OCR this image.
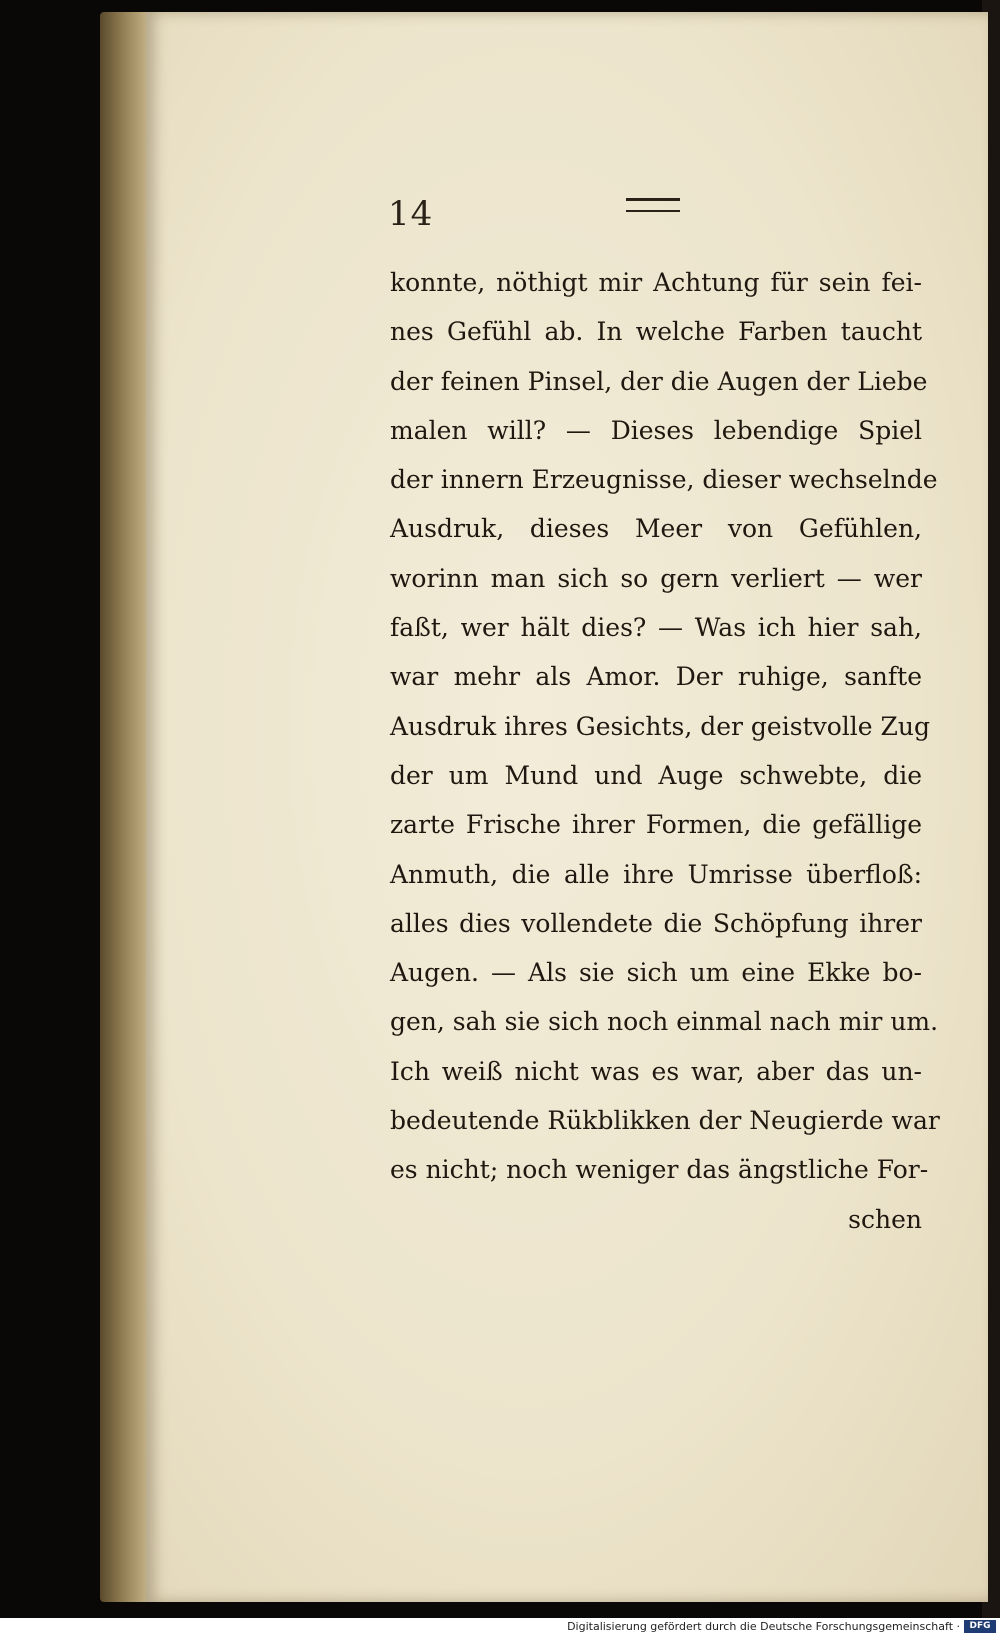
14
konnte, nöthigt mir Achtung für sein fei-
nes Gefühl ab. In welche Farben taucht
der feinen Pinsel, der die Augen der Liebe
malen will? — Dieses lebendige Spiel
der innern Erzeugnisse, dieser wechselnde
Ausdruk, dieses Meer von Gefühlen,
worinn man sich so gern verliert — wer
faßt, wer hält dies? — Was ich hier sah,
war mehr als Amor. Der ruhige, sanfte
Ausdruk ihres Gesichts, der geistvolle Zug
der um Mund und Auge schwebte, die
zarte Frische ihrer Formen, die gefällige
Anmuth, die alle ihre Umrisse überfloß:
alles dies vollendete die Schöpfung ihrer
Augen. — Als sie sich um eine Ekke bo-
gen, sah sie sich noch einmal nach mir um.
Ich weiß nicht was es war, aber das un-
bedeutende Rükblikken der Neugierde war
es nicht; noch weniger das ängstliche For-
schen
Digitalisierung gefördert durch die Deutsche Forschungsgemeinschaft ·	DFG
